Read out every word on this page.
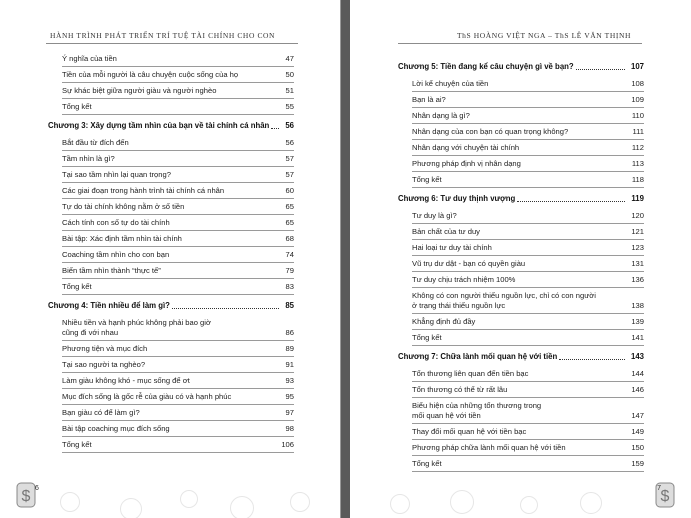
HÀNH TRÌNH PHÁT TRIỂN TRÍ TUỆ TÀI CHÍNH CHO CON
Ý nghĩa của tiền	47
Tiền của mỗi người là câu chuyện cuộc sống của họ	50
Sự khác biệt giữa người giàu và người nghèo	51
Tổng kết	55
Chương 3: Xây dựng tầm nhìn của bạn về tài chính cá nhân 56
Bắt đầu từ đích đến	56
Tầm nhìn là gì?	57
Tại sao tầm nhìn lại quan trọng?	57
Các giai đoạn trong hành trình tài chính cá nhân	60
Tự do tài chính không nằm ở số tiền	65
Cách tính con số tự do tài chính	65
Bài tập: Xác định tầm nhìn tài chính	68
Coaching tầm nhìn cho con bạn	74
Biến tầm nhìn thành “thực tế”	79
Tổng kết	83
Chương 4: Tiền nhiều để làm gì?	85
Nhiều tiền và hạnh phúc không phải bao giờ
cũng đi với nhau	86
Phương tiện và mục đích	89
Tại sao người ta nghèo?	91
Làm giàu không khó - mục sống để ơt	93
Mục đích sống là gốc rễ của giàu có và hạnh phúc	95
Bạn giàu có để làm gì?	97
Bài tập coaching mục đích sống	98
Tổng kết	106
$ 6
ThS HOÀNG VIỆT NGA – ThS LÊ VĂN THỊNH
Chương 5: Tiền đang kể câu chuyện gì về bạn?	107
Lời kể chuyện của tiền	108
Bạn là ai?	109
Nhân dạng là gì?	110
Nhân dạng của con bạn có quan trọng không?	111
Nhân dạng với chuyện tài chính	112
Phương pháp định vị nhân dạng	113
Tổng kết	118
Chương 6: Tư duy thịnh vượng	119
Tư duy là gì?	120
Bản chất của tư duy	121
Hai loại tư duy tài chính	123
Vũ trụ dư dật - bạn có quyền giàu	131
Tư duy chịu trách nhiệm 100%	136
Không có con người thiếu nguồn lực, chỉ có con người
ở trạng thái thiếu nguồn lực	138
Khẳng định đủ đầy	139
Tổng kết	141
Chương 7: Chữa lành mối quan hệ với tiền	143
Tổn thương liên quan đến tiền bạc	144
Tổn thương có thể từ rất lâu	146
Biểu hiện của những tổn thương trong
mối quan hệ với tiền	147
Thay đổi mối quan hệ với tiền bạc	149
Phương pháp chữa lành mối quan hệ với tiền	150
Tổng kết	159
$
7
